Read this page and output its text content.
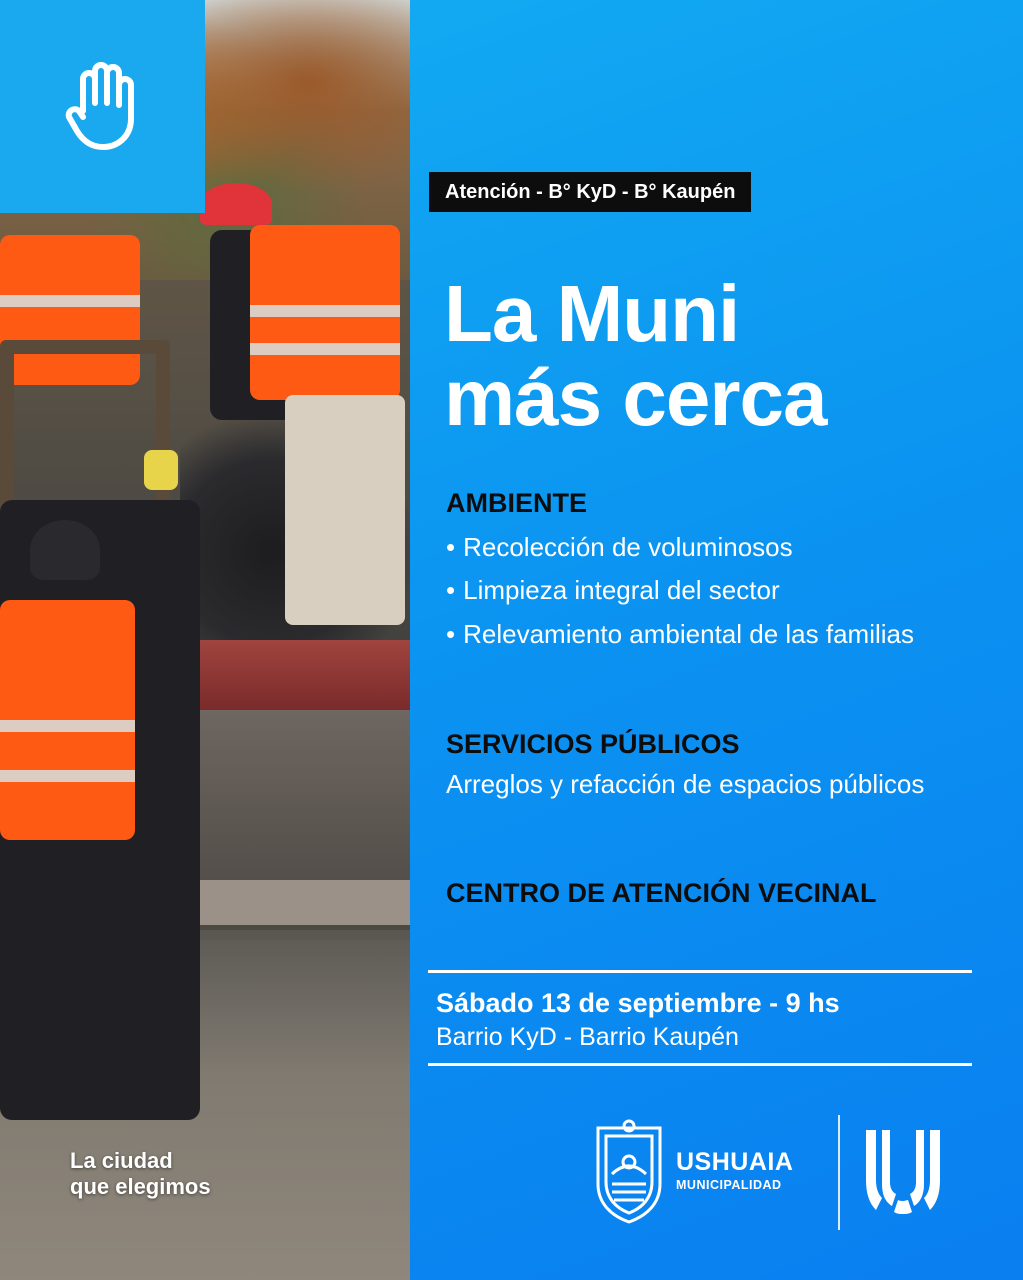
La ciudad
que elegimos
Atención - B° KyD - B° Kaupén
La Muni
más cerca
AMBIENTE
• Recolección de voluminosos
• Limpieza integral del sector
• Relevamiento ambiental de las familias
SERVICIOS PÚBLICOS
Arreglos y refacción de espacios públicos
CENTRO DE ATENCIÓN VECINAL
Sábado 13 de septiembre - 9 hs
Barrio KyD - Barrio Kaupén
USHUAIA
MUNICIPALIDAD
